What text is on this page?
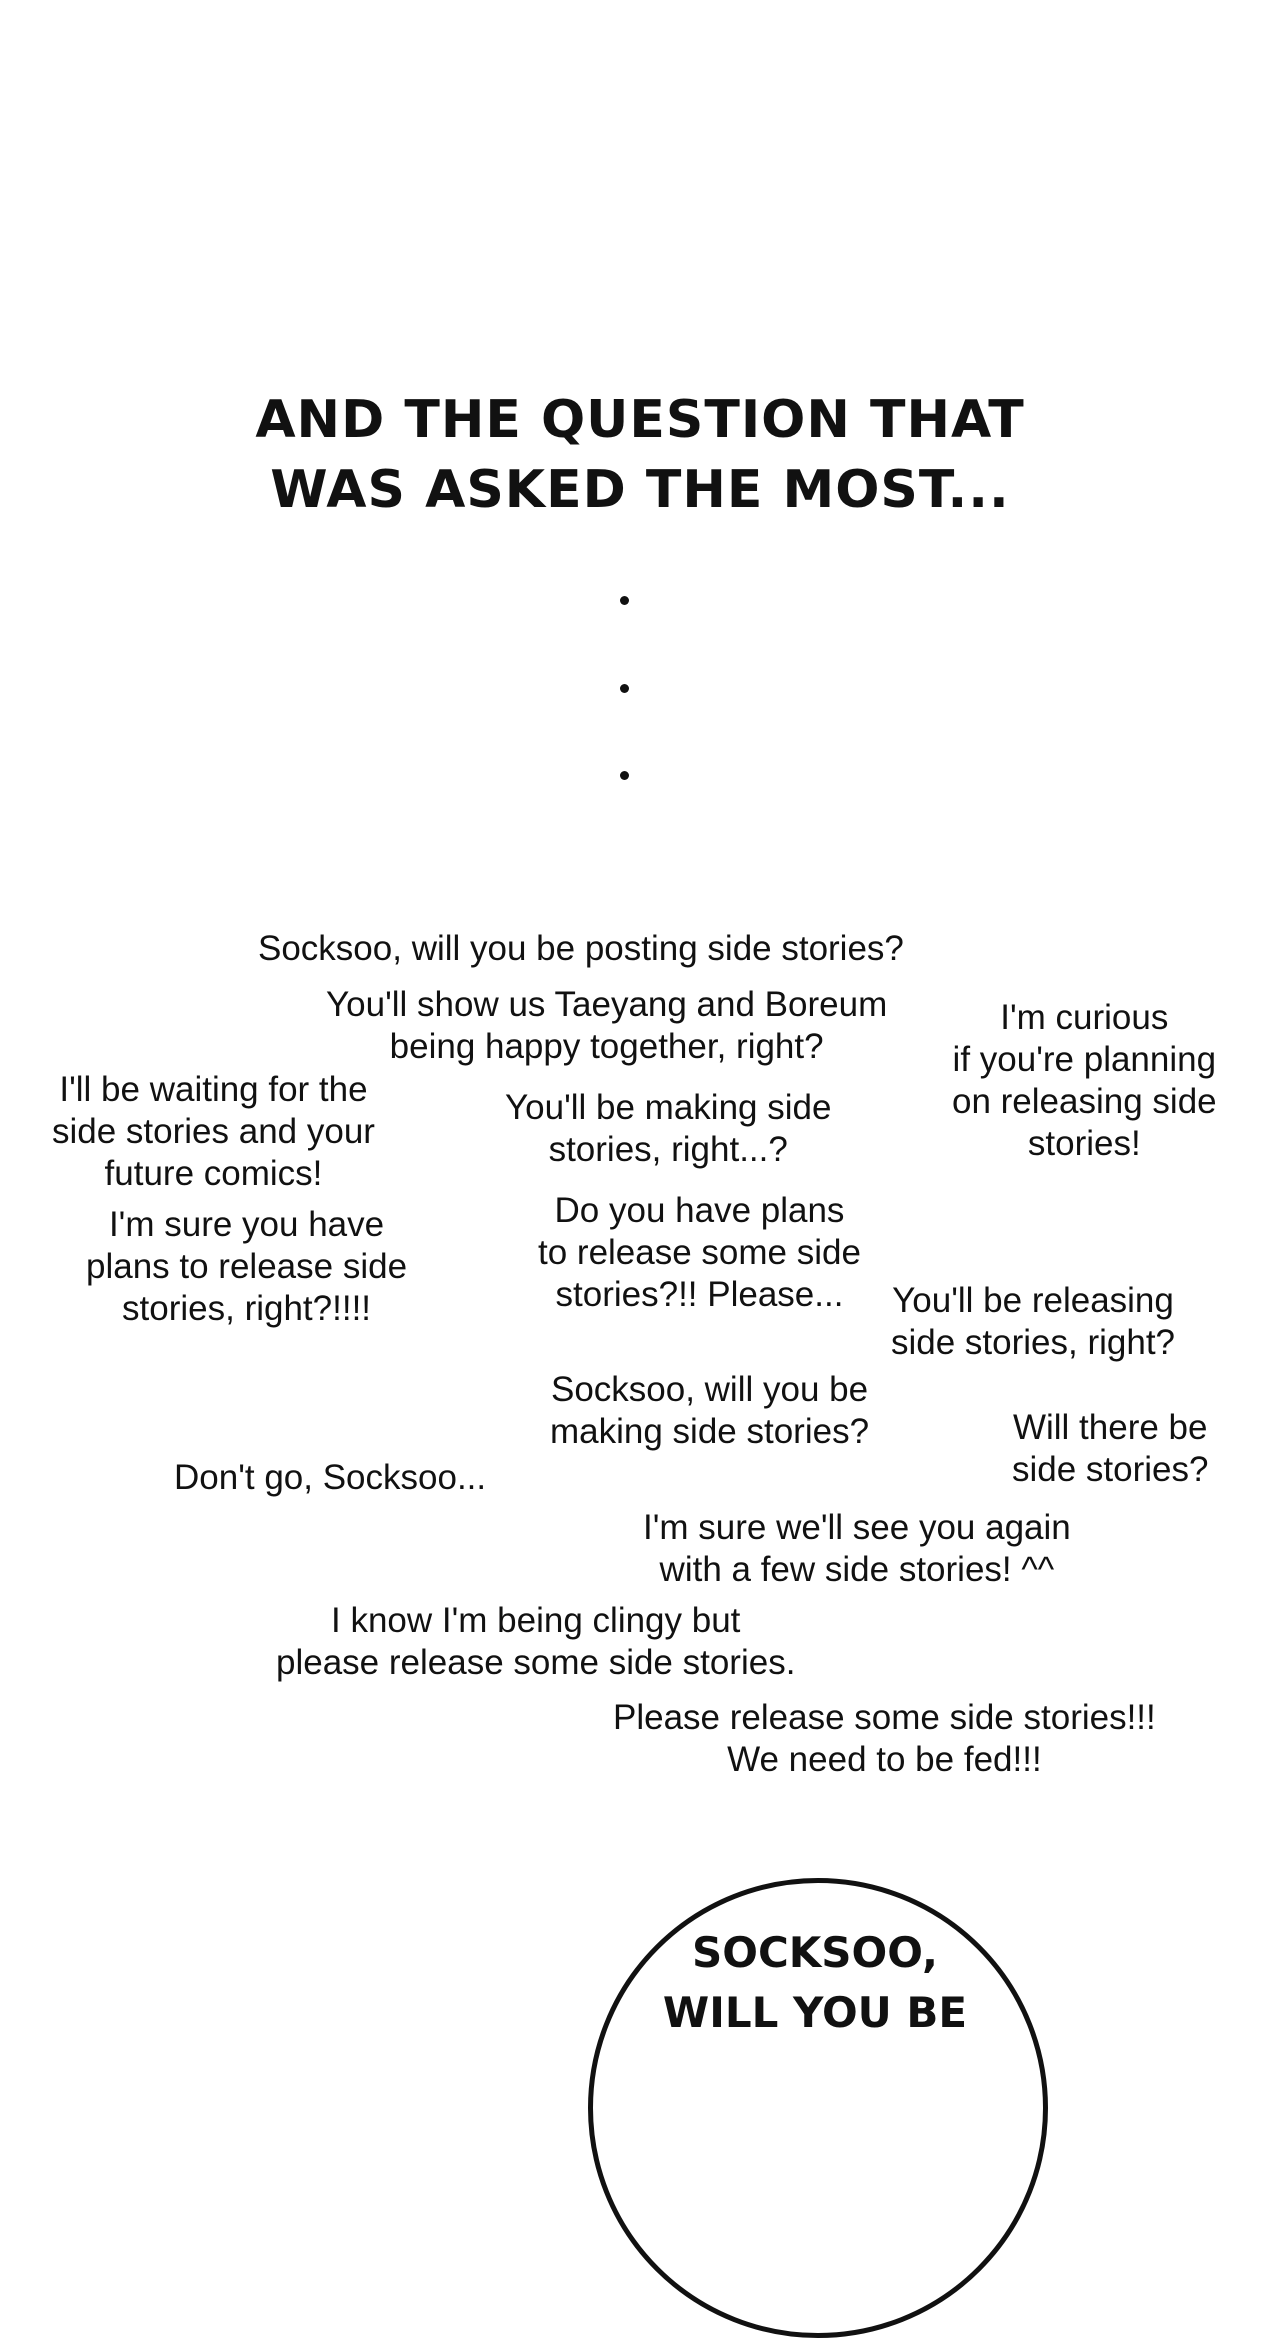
AND THE QUESTION THAT
WAS ASKED THE MOST...
Socksoo, will you be posting side stories?
You'll show us Taeyang and Boreum
being happy together, right?
I'm curious
if you're planning
on releasing side
stories!
I'll be waiting for the
side stories and your
future comics!
You'll be making side
stories, right...?
I'm sure you have
plans to release side
stories, right?!!!!
Do you have plans
to release some side
stories?!! Please...	You'll be releasing
side stories, right?
Socksoo, will you be
making side stories?	Will there be
side stories?
Don't go, Socksoo...
I'm sure we'll see you again
with a few side stories! ^^
I know I'm being clingy but
please release some side stories.
Please release some side stories!!!
We need to be fed!!!
SOCKSOO,
WILL YOU BE
